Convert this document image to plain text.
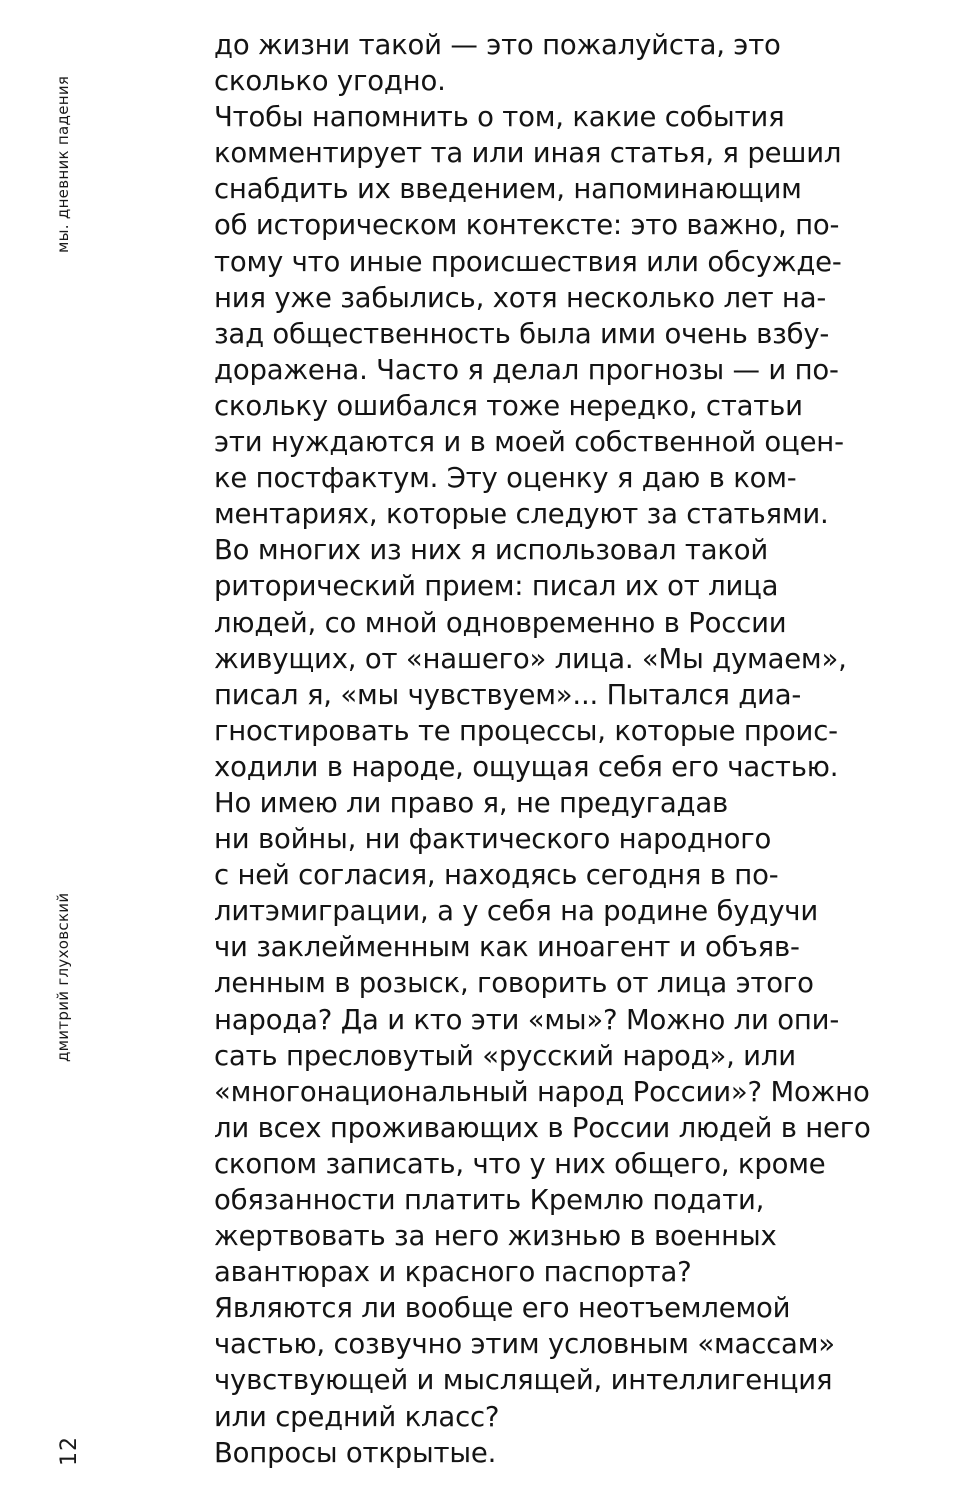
мы. дневник падения
дмитрий глуховский
12
до жизни такой — это пожалуйста, это
сколько угодно.
Чтобы напомнить о том, какие события
комментирует та или иная статья, я решил
снабдить их введением, напоминающим
об историческом контексте: это важно, по-
тому что иные происшествия или обсужде-
ния уже забылись, хотя несколько лет на-
зад общественность была ими очень взбу-
доражена. Часто я делал прогнозы — и по-
скольку ошибался тоже нередко, статьи
эти нуждаются и в моей собственной оцен-
ке постфактум. Эту оценку я даю в ком-
ментариях, которые следуют за статьями.
Во многих из них я использовал такой
риторический прием: писал их от лица
людей, со мной одновременно в России
живущих, от «нашего» лица. «Мы думаем»,
писал я, «мы чувствуем»... Пытался диа-
гностировать те процессы, которые проис-
ходили в народе, ощущая себя его частью.
Но имею ли право я, не предугадав
ни войны, ни фактического народного
с ней согласия, находясь сегодня в по-
литэмиграции, а у себя на родине будучи
чи заклейменным как иноагент и объяв-
ленным в розыск, говорить от лица этого
народа? Да и кто эти «мы»? Можно ли опи-
сать пресловутый «русский народ», или
«многонациональный народ России»? Можно
ли всех проживающих в России людей в него
скопом записать, что у них общего, кроме
обязанности платить Кремлю подати,
жертвовать за него жизнью в военных
авантюрах и красного паспорта?
Являются ли вообще его неотъемлемой
частью, созвучно этим условным «массам»
чувствующей и мыслящей, интеллигенция
или средний класс?
Вопросы открытые.
